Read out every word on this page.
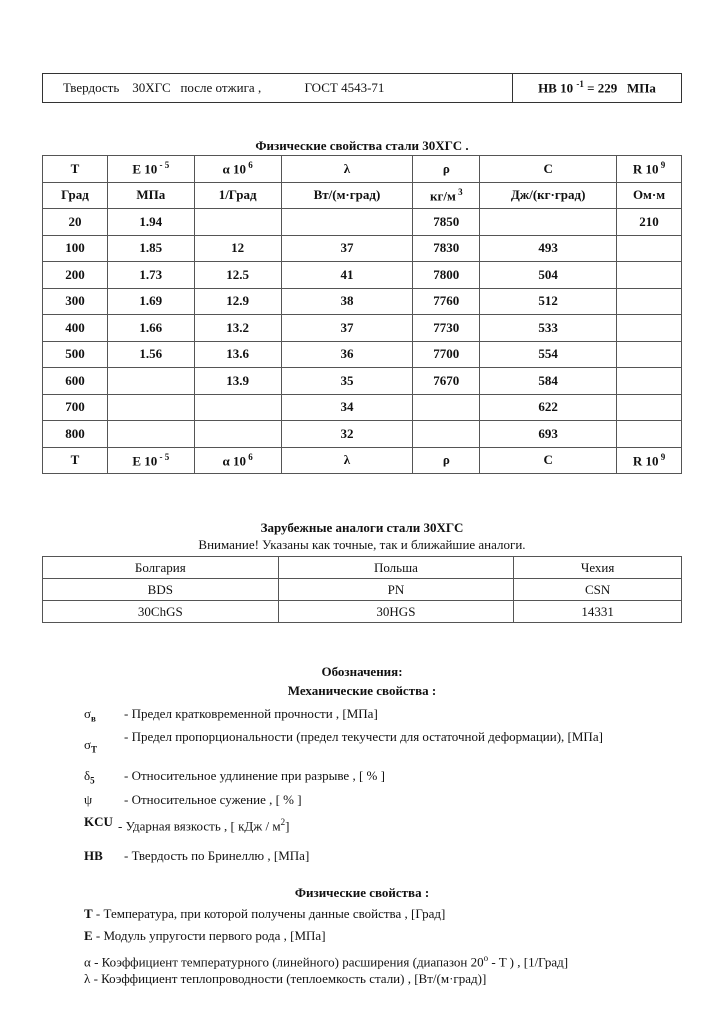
Твердость 30ХГС после отжига ,	ГОСТ 4543-71	HB 10 $^{-1}$ = 229 МПа
Физические свойства стали 30ХГС .
T	E 10 $^{- 5}$	α 10 $^6$	λ	ρ	C	R 10 $^9$
Град	МПа	1/Град	Вт/(м·град)	кг/м $^3$	Дж/(кг·град)	Ом·м
20	1.94			7850		210
100	1.85	12	37	7830	493	
200	1.73	12.5	41	7800	504	
300	1.69	12.9	38	7760	512	
400	1.66	13.2	37	7730	533	
500	1.56	13.6	36	7700	554	
600		13.9	35	7670	584	
700			34		622	
800			32		693	
T	E 10 $^{- 5}$	α 10 $^6$	λ	ρ	C	R 10 $^9$
Зарубежные аналоги стали 30ХГС
Внимание! Указаны как точные, так и ближайшие аналоги.
Болгария	Польша	Чехия
BDS	PN	CSN
30ChGS	30HGS	14331
Обозначения:
Механические свойства :
$\sigma_в$ - Предел кратковременной прочности , [МПа]
$\sigma_T$
- Предел пропорциональности (предел текучести для остаточной деформации), [МПа]
$\delta_5$ - Относительное удлинение при разрыве , [ % ]
ψ - Относительное сужение , [ % ]
KCU - Ударная вязкость , [ кДж / $м^2$]
HB - Твердость по Бринеллю , [МПа]
Физические свойства :
T - Температура, при которой получены данные свойства , [Град]
E - Модуль упругости первого рода , [МПа]
α - Коэффициент температурного (линейного) расширения (диапазон 20$^o$ - T ) , [1/Град]
λ - Коэффициент теплопроводности (теплоемкость стали) , [Вт/(м·град)]
